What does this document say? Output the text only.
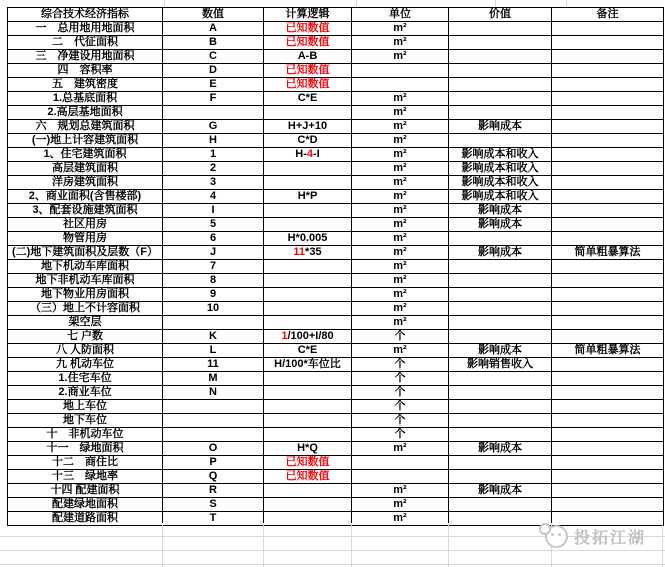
综合技术经济指标	数值	计算逻辑	单位	价值	备注
一　总用地用地面积	A	已知数值	m²		
二　代征面积	B	已知数值	m²		
三　净建设用地面积	C	A-B	m²		
四　容积率	D	已知数值			
五　建筑密度	E	已知数值			
1.总基底面积	F	C*E	m²		
2.高层基地面积			m²		
六　规划总建筑面积	G	H+J+10	m²	影响成本	
(一)地上计容建筑面积	H	C*D	m²		
1、住宅建筑面积	1	H-4-I	m²	影响成本和收入	
高层建筑面积	2		m²	影响成本和收入	
洋房建筑面积	3		m²	影响成本和收入	
2、商业面积(含售楼部)	4	H*P	m²	影响成本和收入	
3、配套设施建筑面积	I		m²	影响成本	
社区用房	5		m²	影响成本	
物管用房	6	H*0.005	m²		
(二)地下建筑面积及层数（F）	J	11*35	m²	影响成本	简单粗暴算法
地下机动车库面积	7		m²		
地下非机动车库面积	8		m²		
地下物业用房面积	9		m²		
（三）地上不计容面积	10		m²		
架空层			m²		
七 户数	K	1/100+I/80	个		
八 人防面积	L	C*E	m²	影响成本	简单粗暴算法
九 机动车位	11	H/100*车位比	个	影响销售收入	
1.住宅车位	M		个		
2.商业车位	N		个		
地上车位			个		
地下车位			个		
十　非机动车位			个		
十一　绿地面积	O	H*Q	m²	影响成本	
十二　商住比	P	已知数值			
十三　绿地率	Q	已知数值			
十四 配建面积	R		m²	影响成本	
配建绿地面积	S		m²		
配建道路面积	T		m²		
投拓江湖
